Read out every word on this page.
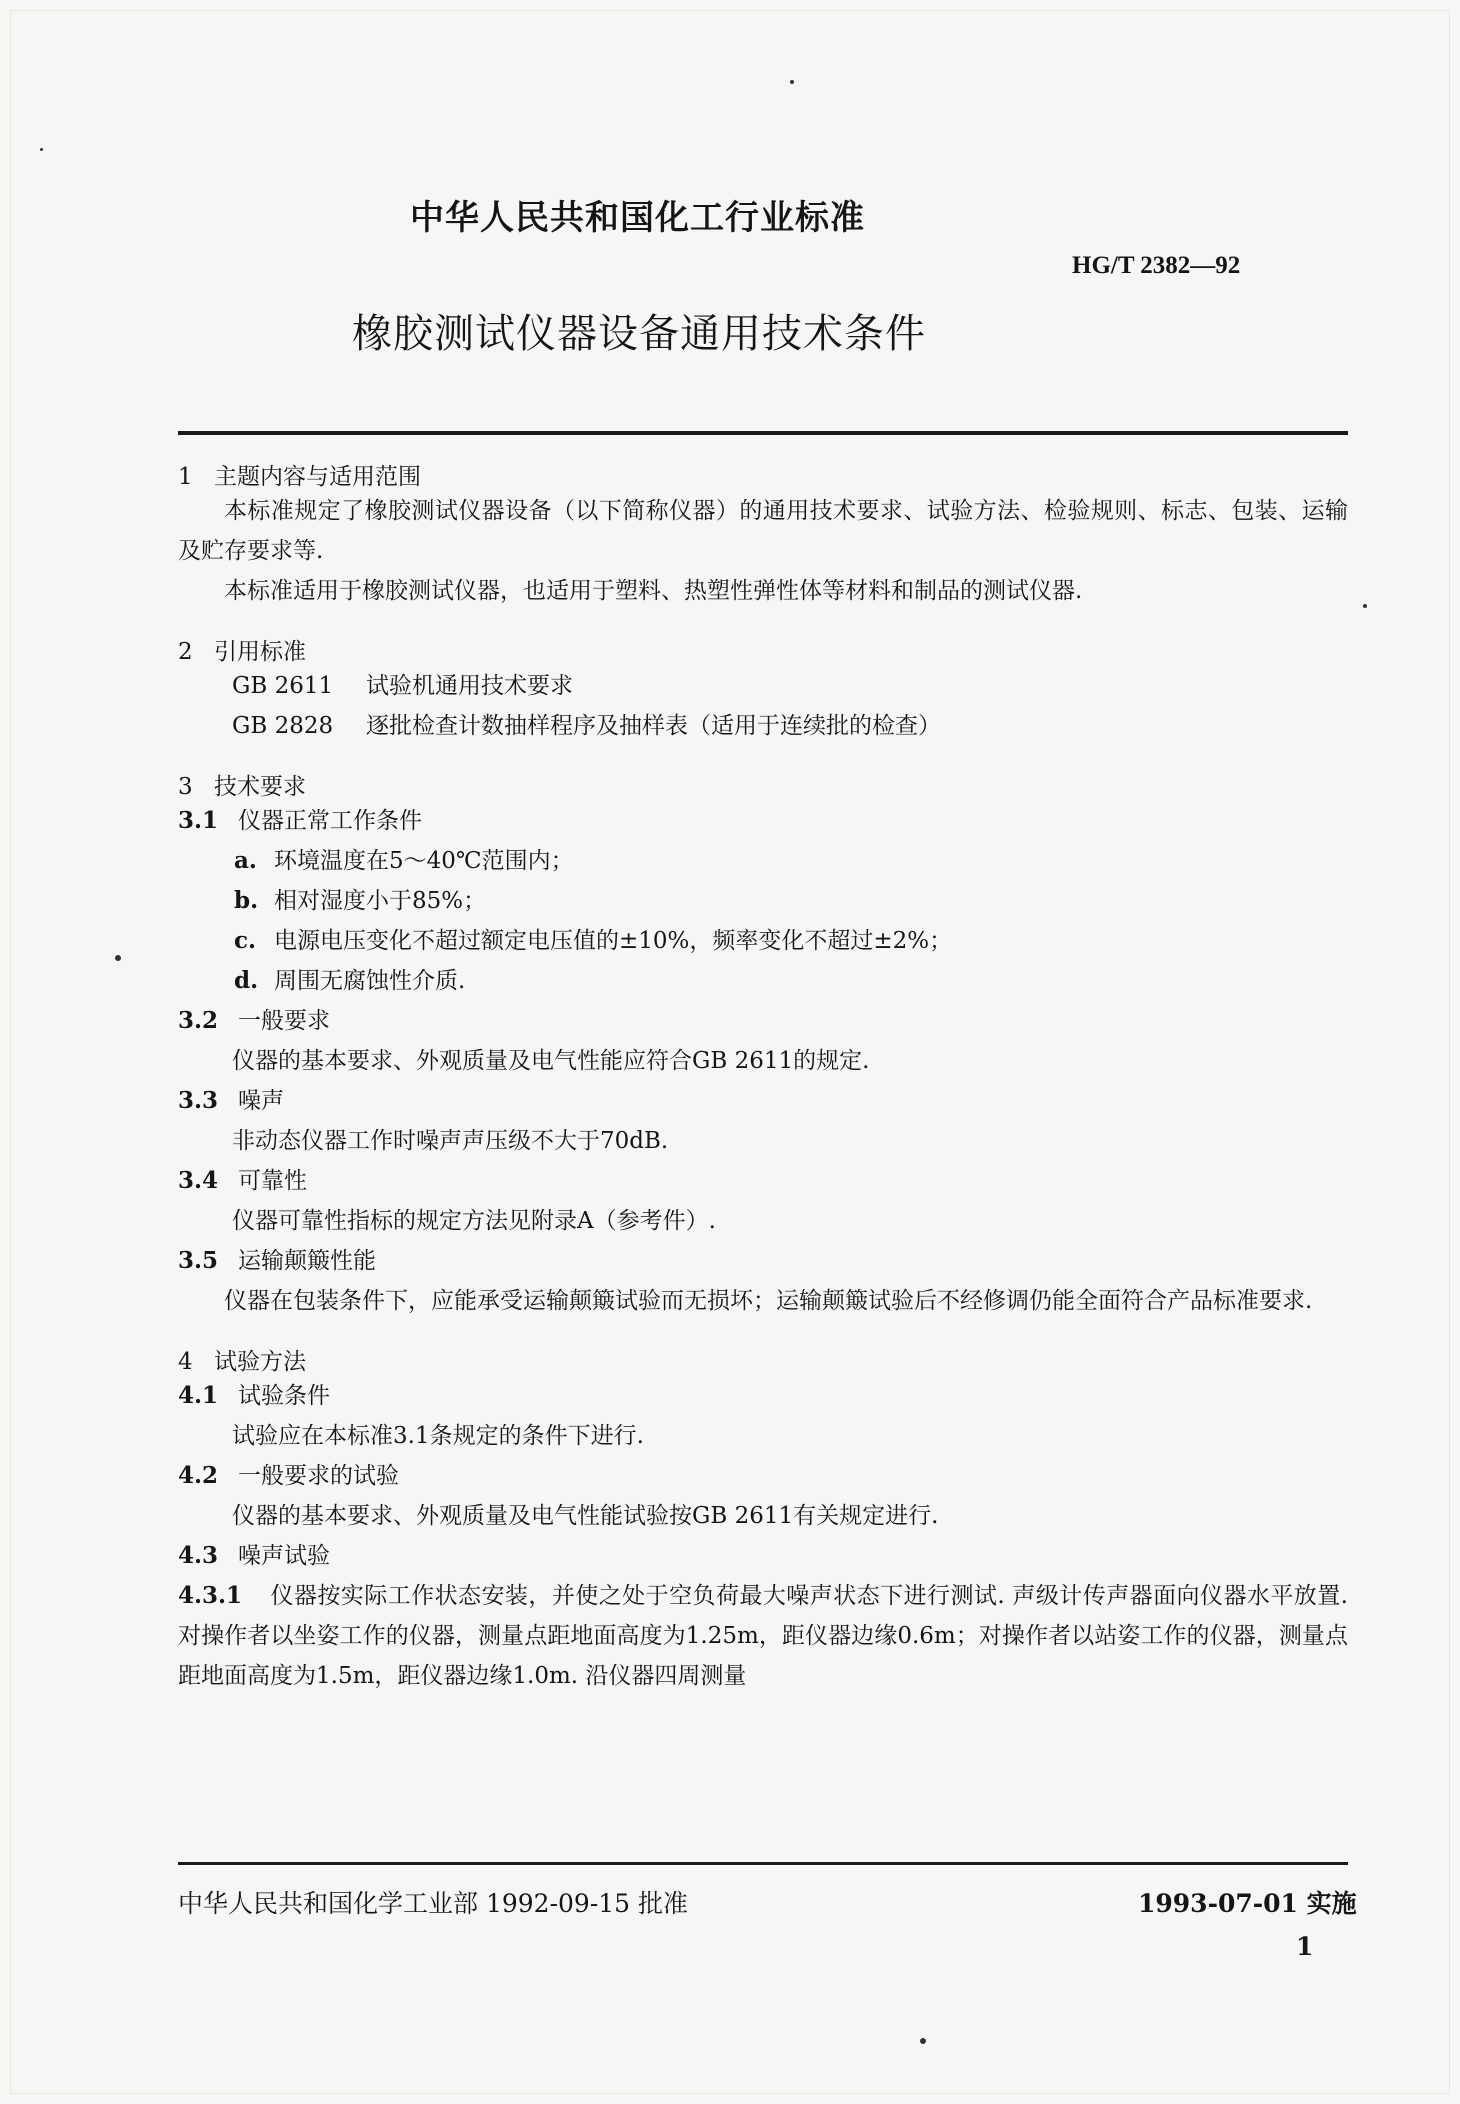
中华人民共和国化工行业标准
HG/T 2382—92
橡胶测试仪器设备通用技术条件

1 主题内容与适用范围

本标准规定了橡胶测试仪器设备（以下简称仪器）的通用技术要求、试验方法、检验规则、标志、包装、运输及贮存要求等.

本标准适用于橡胶测试仪器，也适用于塑料、热塑性弹性体等材料和制品的测试仪器.

2 引用标准

GB 2611 试验机通用技术要求

GB 2828 逐批检查计数抽样程序及抽样表（适用于连续批的检查）

3 技术要求

3.1 仪器正常工作条件

a. 环境温度在5～40℃范围内；

b. 相对湿度小于85%；

c. 电源电压变化不超过额定电压值的±10%，频率变化不超过±2%；

d. 周围无腐蚀性介质.

3.2 一般要求

仪器的基本要求、外观质量及电气性能应符合GB 2611的规定.

3.3 噪声

非动态仪器工作时噪声声压级不大于70dB.

3.4 可靠性

仪器可靠性指标的规定方法见附录A（参考件）.

3.5 运输颠簸性能

仪器在包装条件下，应能承受运输颠簸试验而无损坏；运输颠簸试验后不经修调仍能全面符合产品标准要求.

4 试验方法

4.1 试验条件

试验应在本标准3.1条规定的条件下进行.

4.2 一般要求的试验

仪器的基本要求、外观质量及电气性能试验按GB 2611有关规定进行.

4.3 噪声试验

4.3.1 仪器按实际工作状态安装，并使之处于空负荷最大噪声状态下进行测试. 声级计传声器面向仪器水平放置. 对操作者以坐姿工作的仪器，测量点距地面高度为1.25m，距仪器边缘0.6m；对操作者以站姿工作的仪器，测量点距地面高度为1.5m，距仪器边缘1.0m. 沿仪器四周测量

中华人民共和国化学工业部 1992-09-15 批准	1993-07-01 实施
1
